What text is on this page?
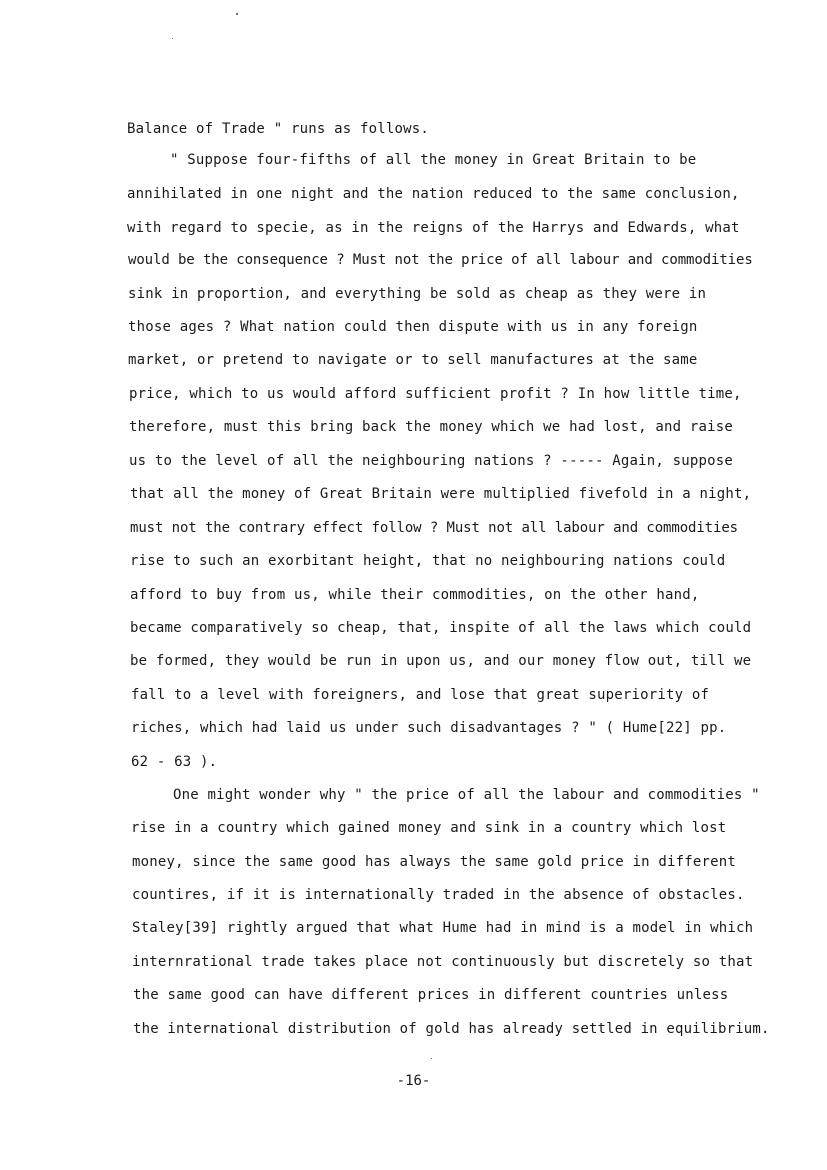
Balance of Trade " runs as follows.
" Suppose four-fifths of all the money in Great Britain to be
annihilated in one night and the nation reduced to the same conclusion,
with regard to specie, as in the reigns of the Harrys and Edwards, what
would be the consequence ? Must not the price of all labour and commodities
sink in proportion, and everything be sold as cheap as they were in
those ages ? What nation could then dispute with us in any foreign
market, or pretend to navigate or to sell manufactures at the same
price, which to us would afford sufficient profit ? In how little time,
therefore, must this bring back the money which we had lost, and raise
us to the level of all the neighbouring nations ? ----- Again, suppose
that all the money of Great Britain were multiplied fivefold in a night,
must not the contrary effect follow ? Must not all labour and commodities
rise to such an exorbitant height, that no neighbouring nations could
afford to buy from us, while their commodities, on the other hand,
became comparatively so cheap, that, inspite of all the laws which could
be formed, they would be run in upon us, and our money flow out, till we
fall to a level with foreigners, and lose that great superiority of
riches, which had laid us under such disadvantages ? " ( Hume[22] pp.
62 - 63 ).
One might wonder why " the price of all the labour and commodities "
rise in a country which gained money and sink in a country which lost
money, since the same good has always the same gold price in different
countires, if it is internationally traded in the absence of obstacles.
Staley[39] rightly argued that what Hume had in mind is a model in which
internrational trade takes place not continuously but discretely so that
the same good can have different prices in different countries unless
the international distribution of gold has already settled in equilibrium.
-16-
